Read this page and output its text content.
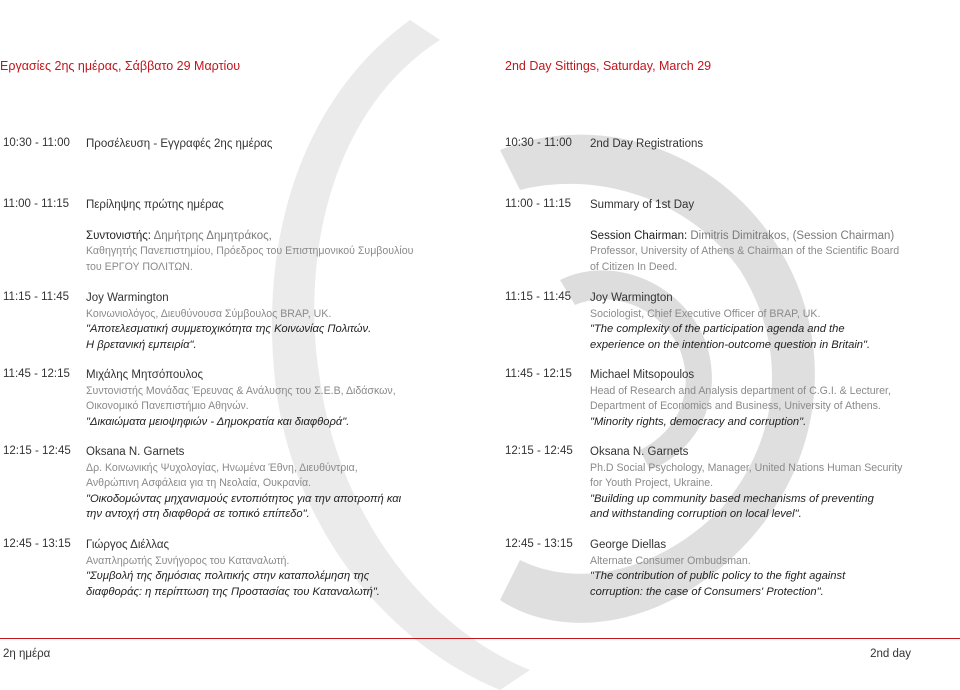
Εργασίες 2ης ημέρας, Σάββατο 29 Μαρτίου
10:30 - 11:00 Προσέλευση - Εγγραφές 2ης ημέρας
11:00 - 11:15 Περίληψης πρώτης ημέρας
Συντονιστής: Δημήτρης Δημητράκος,
Καθηγητής Πανεπιστημίου, Πρόεδρος του Επιστημονικού Συμβουλίου
του ΕΡΓΟΥ ΠΟΛΙΤΩΝ.
11:15 - 11:45 Joy Warmington
Κοινωνιολόγος, Διευθύνουσα Σύμβουλος BRAP, UK.
"Αποτελεσματική συμμετοχικότητα της Κοινωνίας Πολιτών.
Η βρετανική εμπειρία".
11:45 - 12:15 Μιχάλης Μητσόπουλος
Συντονιστής Μονάδας Έρευνας & Ανάλυσης του Σ.Ε.Β, Διδάσκων,
Οικονομικό Πανεπιστήμιο Αθηνών.
"Δικαιώματα μειοψηφιών - Δημοκρατία και διαφθορά".
12:15 - 12:45 Oksana N. Garnets
Δρ. Κοινωνικής Ψυχολογίας, Ηνωμένα Έθνη, Διευθύντρια,
Ανθρώπινη Ασφάλεια για τη Νεολαία, Ουκρανία.
"Οικοδομώντας μηχανισμούς εντοπιότητος για την αποτροπή και
την αντοχή στη διαφθορά σε τοπικό επίπεδο".
12:45 - 13:15 Γιώργος Διέλλας
Αναπληρωτής Συνήγορος του Καταναλωτή.
"Συμβολή της δημόσιας πολιτικής στην καταπολέμηση της
διαφθοράς: η περίπτωση της Προστασίας του Καταναλωτή".
2nd Day Sittings, Saturday, March 29
10:30 - 11:00 2nd Day Registrations
11:00 - 11:15 Summary of 1st Day
Session Chairman: Dimitris Dimitrakos, (Session Chairman)
Professor, University of Athens & Chairman of the Scientific Board
of Citizen In Deed.
11:15 - 11:45 Joy Warmington
Sociologist, Chief Executive Officer of BRAP, UK.
"The complexity of the participation agenda and the
experience on the intention-outcome question in Britain".
11:45 - 12:15 Michael Mitsopoulos
Head of Research and Analysis department of C.G.I. & Lecturer,
Department of Economics and Business, University of Athens.
"Minority rights, democracy and corruption".
12:15 - 12:45 Oksana N. Garnets
Ph.D Social Psychology, Manager, United Nations Human Security
for Youth Project, Ukraine.
"Building up community based mechanisms of preventing
and withstanding corruption on local level".
12:45 - 13:15 George Diellas
Alternate Consumer Ombudsman.
"The contribution of public policy to the fight against
corruption: the case of Consumers' Protection".
2η ημέρα	2nd day
